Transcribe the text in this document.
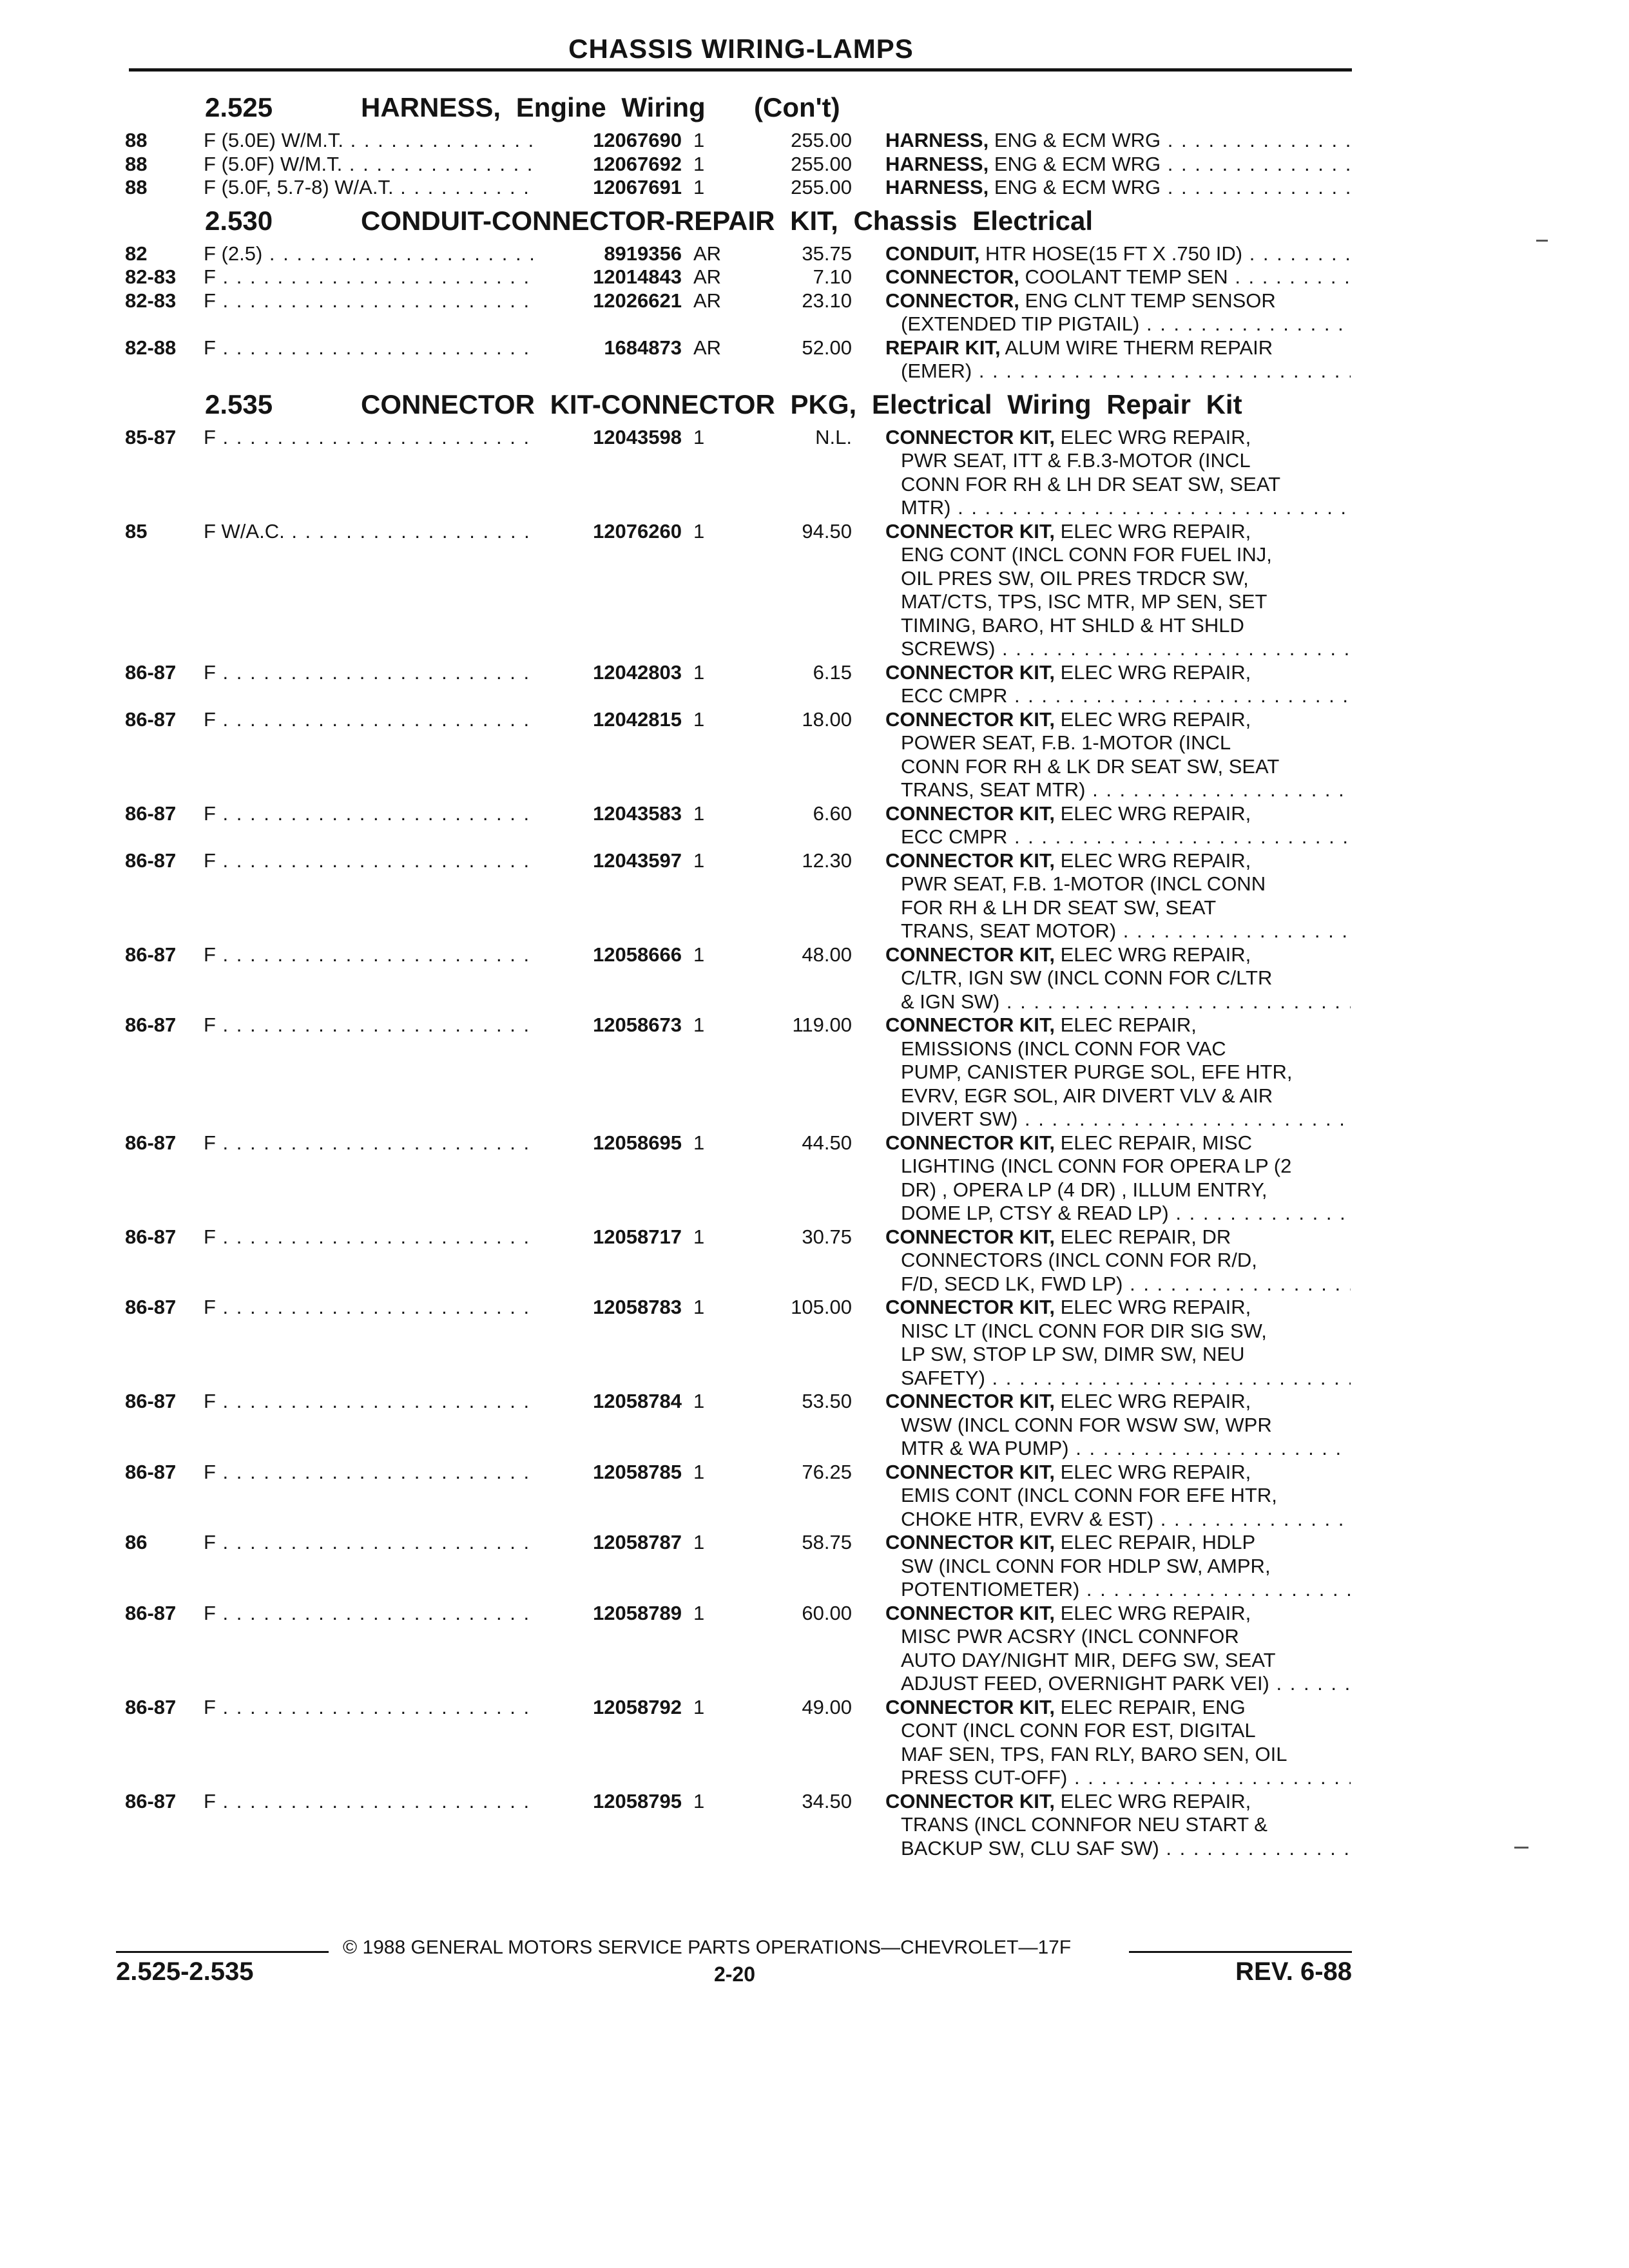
CHASSIS WIRING-LAMPS
2.525	HARNESS, Engine Wiring (Con't)
88	F (5.0E) W/M.T. . . .	12067690 1	255.00 HARNESS, ENG & ECM WRG . . .
88	F (5.0F) W/M.T. . . .	12067692 1	255.00 HARNESS, ENG & ECM WRG . . .
88	F (5.0F, 5.7-8) W/A.T. . . .	12067691 1	255.00 HARNESS, ENG & ECM WRG . . .
2.530	CONDUIT-CONNECTOR-REPAIR KIT, Chassis Electrical
82	F (2.5) . . .	8919356 AR	35.75 CONDUIT, HTR HOSE(15 FT X .750 ID) . . .
82-83 F . . .	12014843 AR	7.10 CONNECTOR, COOLANT TEMP SEN . . .
82-83 F . . .	12026621 AR	23.10 CONNECTOR, ENG CLNT TEMP SENSOR
(EXTENDED TIP PIGTAIL) . . .
82-88 F . . .	1684873 AR	52.00 REPAIR KIT, ALUM WIRE THERM REPAIR
(EMER) . . .
2.535	CONNECTOR KIT-CONNECTOR PKG, Electrical Wiring Repair Kit
85-87 F . . .	12043598 1	N.L. CONNECTOR KIT, ELEC WRG REPAIR,
PWR SEAT, ITT & F.B.3-MOTOR (INCL
CONN FOR RH & LH DR SEAT SW, SEAT
MTR) . . .
85	F W/A.C. . . .	12076260 1	94.50 CONNECTOR KIT, ELEC WRG REPAIR,
ENG CONT (INCL CONN FOR FUEL INJ,
OIL PRES SW, OIL PRES TRDCR SW,
MAT/CTS, TPS, ISC MTR, MP SEN, SET
TIMING, BARO, HT SHLD & HT SHLD
SCREWS) . . .
86-87 F . . .	12042803 1	6.15 CONNECTOR KIT, ELEC WRG REPAIR,
ECC CMPR . . .
86-87 F . . .	12042815 1	18.00 CONNECTOR KIT, ELEC WRG REPAIR,
POWER SEAT, F.B. 1-MOTOR (INCL
CONN FOR RH & LK DR SEAT SW, SEAT
TRANS, SEAT MTR) . . .
86-87 F . . .	12043583 1	6.60 CONNECTOR KIT, ELEC WRG REPAIR,
ECC CMPR . . .
86-87 F . . .	12043597 1	12.30 CONNECTOR KIT, ELEC WRG REPAIR,
PWR SEAT, F.B. 1-MOTOR (INCL CONN
FOR RH & LH DR SEAT SW, SEAT
TRANS, SEAT MOTOR) . . .
86-87 F . . .	12058666 1	48.00 CONNECTOR KIT, ELEC WRG REPAIR,
C/LTR, IGN SW (INCL CONN FOR C/LTR
& IGN SW) . . .
86-87 F . . .	12058673 1	119.00 CONNECTOR KIT, ELEC REPAIR,
EMISSIONS (INCL CONN FOR VAC
PUMP, CANISTER PURGE SOL, EFE HTR,
EVRV, EGR SOL, AIR DIVERT VLV & AIR
DIVERT SW) . . .
86-87 F . . .	12058695 1	44.50 CONNECTOR KIT, ELEC REPAIR, MISC
LIGHTING (INCL CONN FOR OPERA LP (2
DR) , OPERA LP (4 DR) , ILLUM ENTRY,
DOME LP, CTSY & READ LP) . . .
86-87 F . . .	12058717 1	30.75 CONNECTOR KIT, ELEC REPAIR, DR
CONNECTORS (INCL CONN FOR R/D,
F/D, SECD LK, FWD LP) . . .
86-87 F . . .	12058783 1	105.00 CONNECTOR KIT, ELEC WRG REPAIR,
NISC LT (INCL CONN FOR DIR SIG SW,
LP SW, STOP LP SW, DIMR SW, NEU
SAFETY) . . .
86-87 F . . .	12058784 1	53.50 CONNECTOR KIT, ELEC WRG REPAIR,
WSW (INCL CONN FOR WSW SW, WPR
MTR & WA PUMP) . . .
86-87 F . . .	12058785 1	76.25 CONNECTOR KIT, ELEC WRG REPAIR,
EMIS CONT (INCL CONN FOR EFE HTR,
CHOKE HTR, EVRV & EST) . . .
86	F . . .	12058787 1	58.75 CONNECTOR KIT, ELEC REPAIR, HDLP
SW (INCL CONN FOR HDLP SW, AMPR,
POTENTIOMETER) . . .
86-87 F . . .	12058789 1	60.00 CONNECTOR KIT, ELEC WRG REPAIR,
MISC PWR ACSRY (INCL CONNFOR
AUTO DAY/NIGHT MIR, DEFG SW, SEAT
ADJUST FEED, OVERNIGHT PARK VEI) . . .
86-87 F . . .	12058792 1	49.00 CONNECTOR KIT, ELEC REPAIR, ENG
CONT (INCL CONN FOR EST, DIGITAL
MAF SEN, TPS, FAN RLY, BARO SEN, OIL
PRESS CUT-OFF) . . .
86-87 F . . .	12058795 1	34.50 CONNECTOR KIT, ELEC WRG REPAIR,
TRANS (INCL CONNFOR NEU START &
BACKUP SW, CLU SAF SW) . . .
© 1988 GENERAL MOTORS SERVICE PARTS OPERATIONS—CHEVROLET—17F
2.525-2.535	2-20	REV. 6-88
